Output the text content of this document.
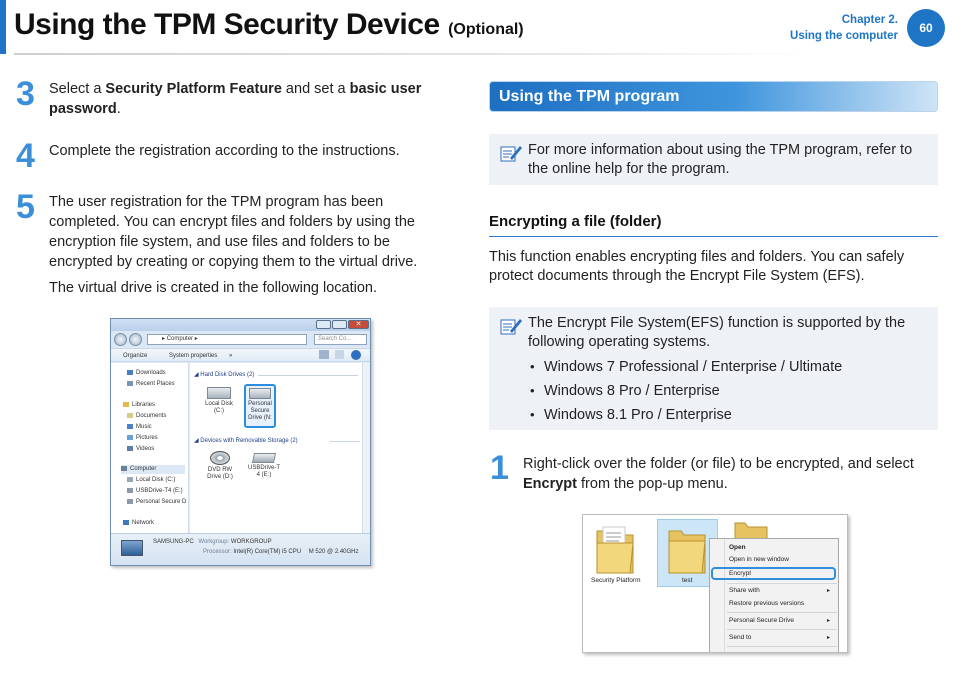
Using the TPM Security Device (Optional)
Chapter 2.
Using the computer
60
3 Select a Security Platform Feature and set a basic user password.
4 Complete the registration according to the instructions.
5 The user registration for the TPM program has been completed. You can encrypt files and folders by using the encryption file system, and use files and folders to be encrypted by creating or copying them to the virtual drive.
The virtual drive is created in the following location.
✕
▸ Computer ▸	Search Co...
Organize	System properties »
Downloads
Recent Places
Libraries
Documents
Music
Pictures
Videos
Computer
Local Disk (C:)
USBDrive-T4 (E:)
Personal Secure D
Network
◢ Hard Disk Drives (2)
Local Disk
(C:)
Personal
Secure
Drive (N:
◢ Devices with Removable Storage (2)
DVD RW
Drive (D:)
USBDrive-T
4 (E:)
SAMSUNG-PC Workgroup: WORKGROUP
Processor: Intel(R) Core(TM) i5 CPU M 520 @ 2.40GHz
Using the TPM program
For more information about using the TPM program, refer to the online help for the program.
Encrypting a file (folder)
This function enables encrypting files and folders. You can safely protect documents through the Encrypt File System (EFS).
The Encrypt File System(EFS) function is supported by the following operating systems.
• Windows 7 Professional / Enterprise / Ultimate
• Windows 8 Pro / Enterprise
• Windows 8.1 Pro / Enterprise
1 Right-click over the folder (or file) to be encrypted, and select Encrypt from the pop-up menu.
Security Platform	test
Open
Open in new window
Encrypt
Share with	▸
Restore previous versions
Personal Secure Drive	▸
Send to	▸
